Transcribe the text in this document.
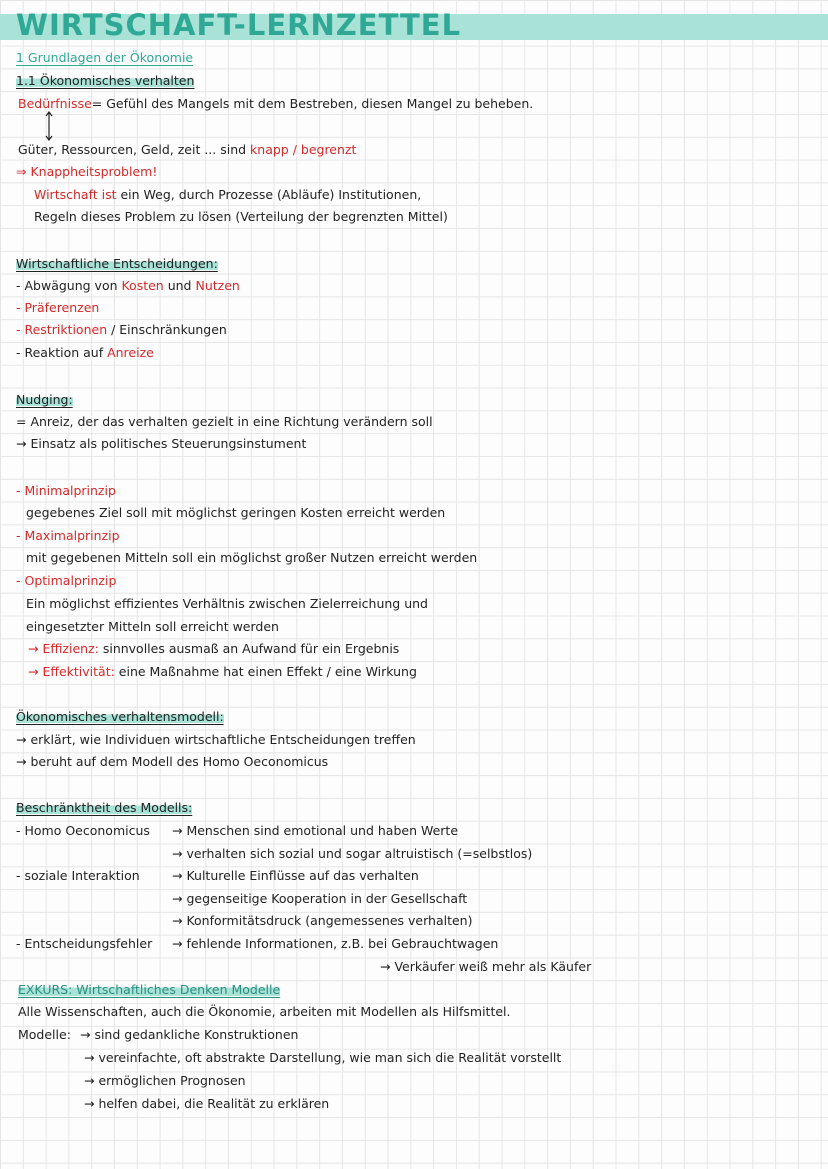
WIRTSCHAFT-LERNZETTEL
1 Grundlagen der Ökonomie
1.1 Ökonomisches verhalten
Bedürfnisse= Gefühl des Mangels mit dem Bestreben, diesen Mangel zu beheben.
Güter, Ressourcen, Geld, zeit ... sind knapp / begrenzt
⇒ Knappheitsproblem!
Wirtschaft ist ein Weg, durch Prozesse (Abläufe) Institutionen,
Regeln dieses Problem zu lösen (Verteilung der begrenzten Mittel)
Wirtschaftliche Entscheidungen:
- Abwägung von Kosten und Nutzen
- Präferenzen
- Restriktionen / Einschränkungen
- Reaktion auf Anreize
Nudging:
= Anreiz, der das verhalten gezielt in eine Richtung verändern soll
→ Einsatz als politisches Steuerungsinstument
- Minimalprinzip
gegebenes Ziel soll mit möglichst geringen Kosten erreicht werden
- Maximalprinzip
mit gegebenen Mitteln soll ein möglichst großer Nutzen erreicht werden
- Optimalprinzip
Ein möglichst effizientes Verhältnis zwischen Zielerreichung und
eingesetzter Mitteln soll erreicht werden
→ Effizienz: sinnvolles ausmaß an Aufwand für ein Ergebnis
→ Effektivität: eine Maßnahme hat einen Effekt / eine Wirkung
Ökonomisches verhaltensmodell:
→ erklärt, wie Individuen wirtschaftliche Entscheidungen treffen
→ beruht auf dem Modell des Homo Oeconomicus
Beschränktheit des Modells:
- Homo Oeconomicus → Menschen sind emotional und haben Werte
→ verhalten sich sozial und sogar altruistisch (=selbstlos)
- soziale Interaktion	→ Kulturelle Einflüsse auf das verhalten
→ gegenseitige Kooperation in der Gesellschaft
→ Konformitätsdruck (angemessenes verhalten)
- Entscheidungsfehler → fehlende Informationen, z.B. bei Gebrauchtwagen
→ Verkäufer weiß mehr als Käufer
EXKURS: Wirtschaftliches Denken Modelle
Alle Wissenschaften, auch die Ökonomie, arbeiten mit Modellen als Hilfsmittel.
Modelle: → sind gedankliche Konstruktionen
→ vereinfachte, oft abstrakte Darstellung, wie man sich die Realität vorstellt
→ ermöglichen Prognosen
→ helfen dabei, die Realität zu erklären
